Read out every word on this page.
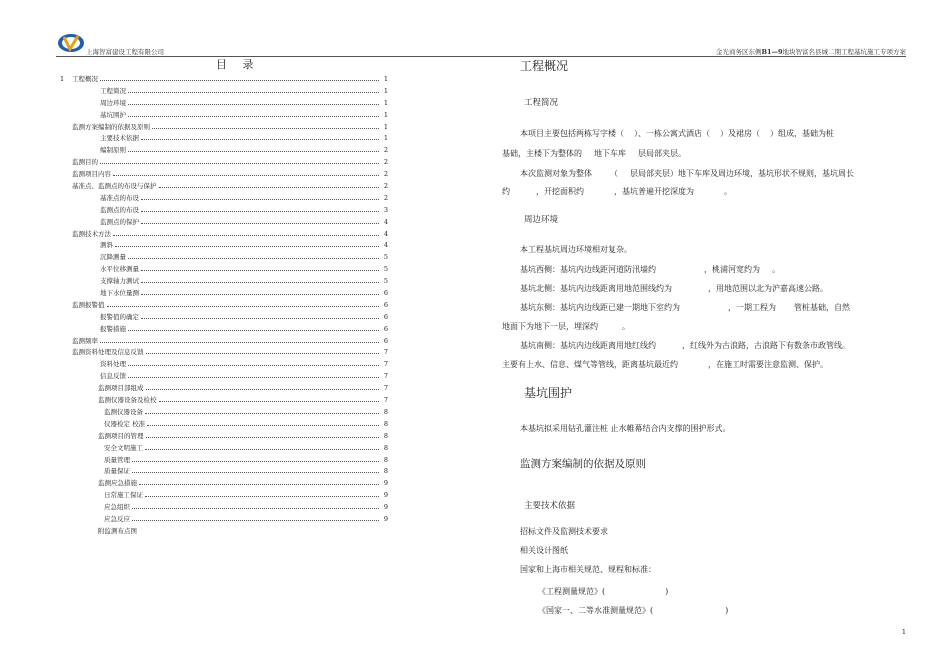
上海智富建设工程有限公司	金光商务区东侧B1—9地块智富名县城二期工程基坑施工专项方案
目 录
1 工程概况	1
工程简况	1
周边环境	1
基坑围护	1
监测方案编制的依据及原则	1
主要技术依据	1
编制原则	2
监测目的	2
监测项目内容	2
基准点、监测点的布设与保护	2
基准点的布设	2
监测点的布设	3
监测点的保护	4
监测技术方法	4
测斜	4
沉降测量	5
水平位移测量	5
支撑轴力测试	5
地下水位量测	6
监测报警值	6
报警值的确定	6
报警措施	6
监测频率	6
监测资料处理及信息反馈	7
资料处理	7
信息反馈	7
监测项目部组成	7
监测仪器设备及检校	7
监测仪器设备	8
仪器检定 校准	8
监测项目的管理	8
安全文明施工	8
质量管理	8
质量保证	8
监测应急措施	9
日常施工保证	9
应急组织	9
应急反应	9
附监测布点图
工程概况
工程简况
本项目主要包括两栋写字楼（ ）、一栋公寓式酒店（ ）及裙房（ ）组成，基础为桩
基础，主楼下为整体的 地下车库 层局部夹层。
本次监测对象为整体 （ 层局部夹层）地下车库及周边环境，基坑形状不规则，基坑周长
约	，开挖面积约	，基坑普遍开挖深度为	。
周边环境
本工程基坑周边环境相对复杂。
基坑西侧：基坑内边线距河道防汛墙约	，桃浦河宽约为 。
基坑北侧：基坑内边线距离用地范围线约为	，用地范围以北为沪嘉高速公路。
基坑东侧：基坑内边线距已建一期地下室约为	，一期工程为 管桩基础，自然
地面下为地下一层，埋深约	。
基坑南侧：基坑内边线距离用地红线约	，红线外为古浪路，古浪路下有数条市政管线。
主要有上水、信息、煤气等管线，距离基坑最近约	，在施工时需要注意监测、保护。
基坑围护
本基坑拟采用钻孔灌注桩 止水帷幕结合内支撑的围护形式。
监测方案编制的依据及原则
主要技术依据
招标文件及监测技术要求
相关设计图纸
国家和上海市相关规范、规程和标准：
《工程测量规范》(	)
《国家一、二等水准测量规范》(	)
1
